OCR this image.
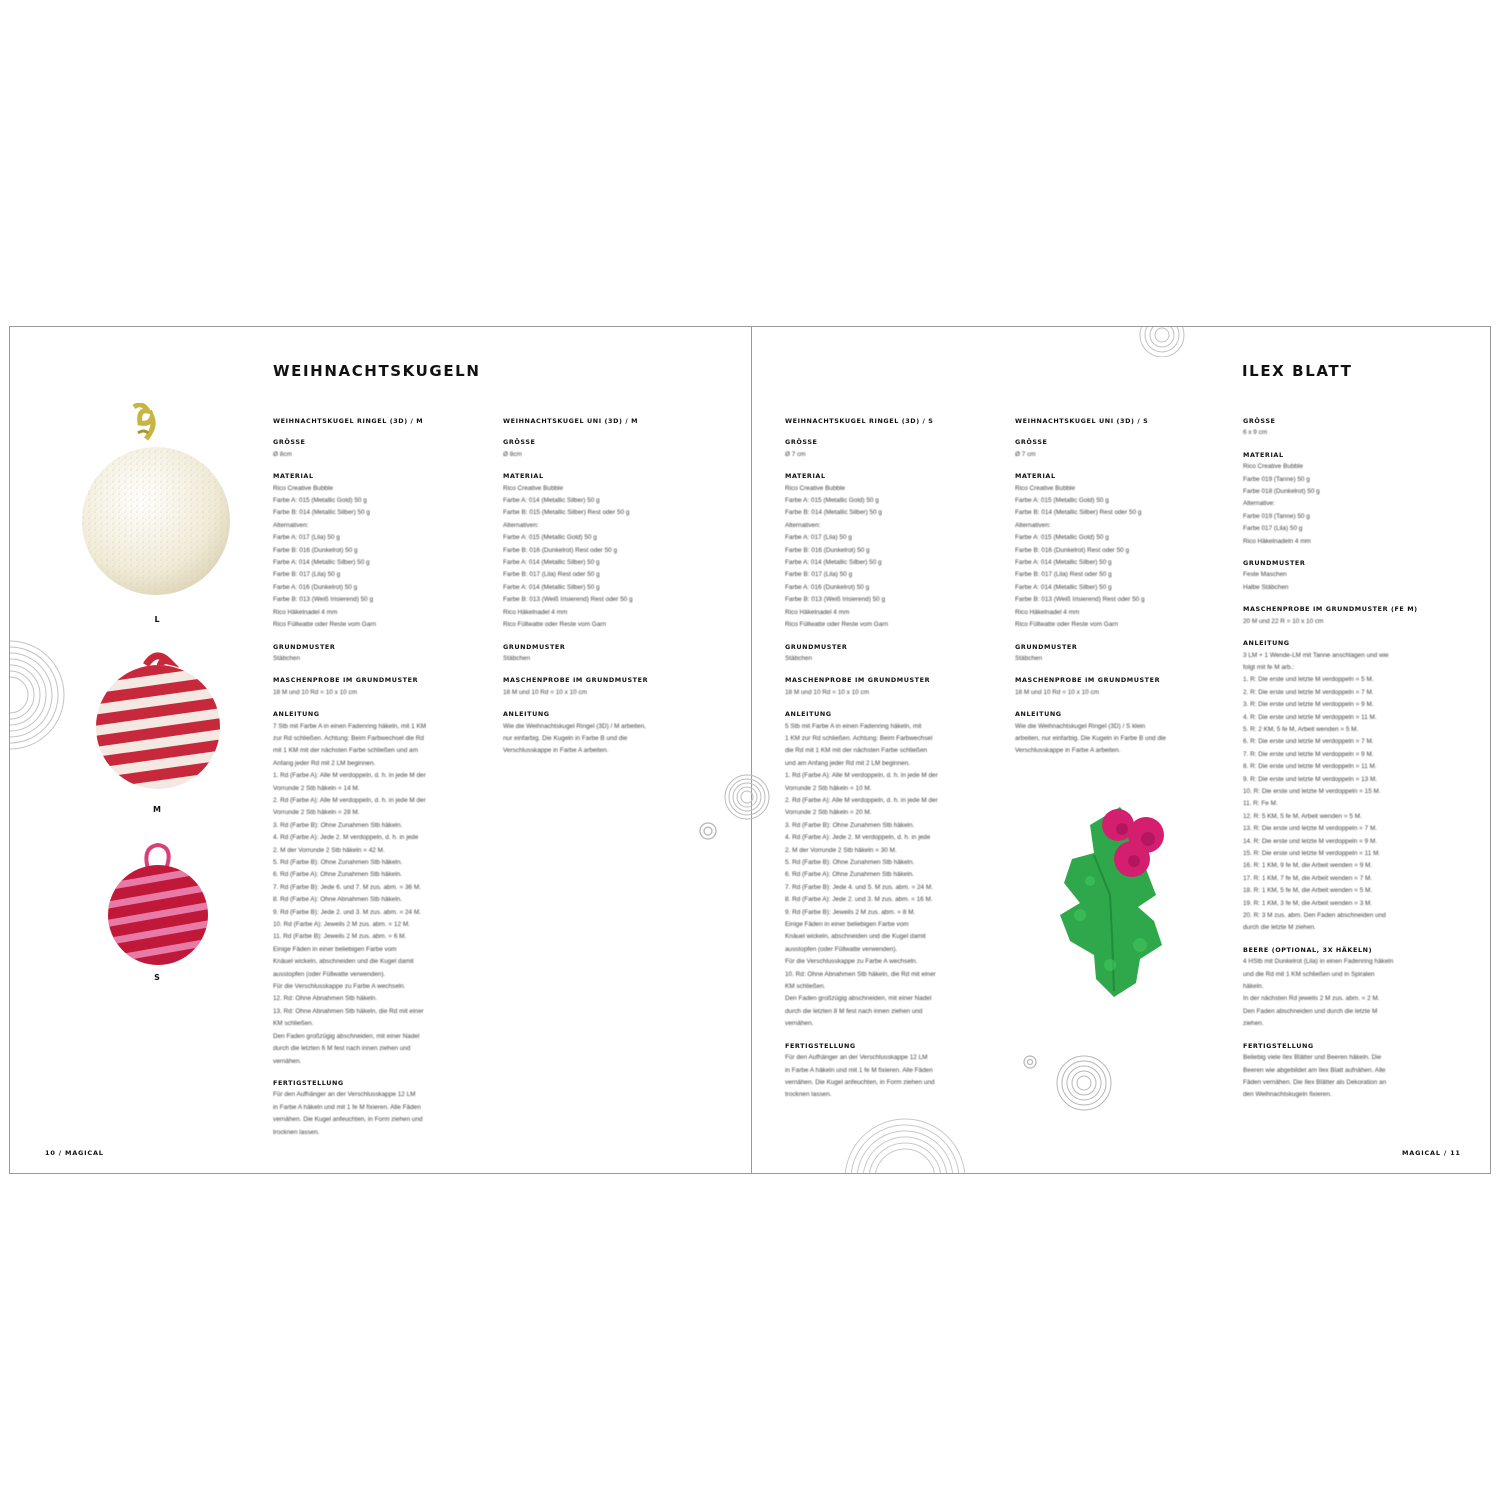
WEIHNACHTSKUGELN
L
M
S
WEIHNACHTSKUGEL RINGEL (3D) / M
GRÖSSE
Ø 8cm
MATERIAL
Rico Creative Bubble
Farbe A: 015 (Metallic Gold) 50 g
Farbe B: 014 (Metallic Silber) 50 g
Alternativen:
Farbe A: 017 (Lila) 50 g
Farbe B: 016 (Dunkelrot) 50 g
Farbe A: 014 (Metallic Silber) 50 g
Farbe B: 017 (Lila) 50 g
Farbe A: 016 (Dunkelrot) 50 g
Farbe B: 013 (Weiß Irisierend) 50 g
Rico Häkelnadel 4 mm
Rico Füllwatte oder Reste vom Garn
GRUNDMUSTER
Stäbchen
MASCHENPROBE IM GRUNDMUSTER
18 M und 10 Rd = 10 x 10 cm
ANLEITUNG
7 Stb mit Farbe A in einen Fadenring häkeln, mit 1 KM
zur Rd schließen. Achtung: Beim Farbwechsel die Rd
mit 1 KM mit der nächsten Farbe schließen und am
Anfang jeder Rd mit 2 LM beginnen.
1. Rd (Farbe A): Alle M verdoppeln, d. h. in jede M der
Vorrunde 2 Stb häkeln = 14 M.
2. Rd (Farbe A): Alle M verdoppeln, d. h. in jede M der
Vorrunde 2 Stb häkeln = 28 M.
3. Rd (Farbe B): Ohne Zunahmen Stb häkeln.
4. Rd (Farbe A): Jede 2. M verdoppeln, d. h. in jede
2. M der Vorrunde 2 Stb häkeln = 42 M.
5. Rd (Farbe B): Ohne Zunahmen Stb häkeln.
6. Rd (Farbe A): Ohne Zunahmen Stb häkeln.
7. Rd (Farbe B): Jede 6. und 7. M zus. abm. = 36 M.
8. Rd (Farbe A): Ohne Abnahmen Stb häkeln.
9. Rd (Farbe B): Jede 2. und 3. M zus. abm. = 24 M.
10. Rd (Farbe A): Jeweils 2 M zus. abm. = 12 M.
11. Rd (Farbe B): Jeweils 2 M zus. abm. = 6 M.
Einige Fäden in einer beliebigen Farbe vom
Knäuel wickeln, abschneiden und die Kugel damit
ausstopfen (oder Füllwatte verwenden).
Für die Verschlusskappe zu Farbe A wechseln.
12. Rd: Ohne Abnahmen Stb häkeln.
13. Rd: Ohne Abnahmen Stb häkeln, die Rd mit einer
KM schließen.
Den Faden großzügig abschneiden, mit einer Nadel
durch die letzten 6 M fest nach innen ziehen und
vernähen.
FERTIGSTELLUNG
Für den Aufhänger an der Verschlusskappe 12 LM
in Farbe A häkeln und mit 1 fe M fixieren. Alle Fäden
vernähen. Die Kugel anfeuchten, in Form ziehen und
trocknen lassen.
WEIHNACHTSKUGEL UNI (3D) / M
GRÖSSE
Ø 8cm
MATERIAL
Rico Creative Bubble
Farbe A: 014 (Metallic Silber) 50 g
Farbe B: 015 (Metallic Silber) Rest oder 50 g
Alternativen:
Farbe A: 015 (Metallic Gold) 50 g
Farbe B: 016 (Dunkelrot) Rest oder 50 g
Farbe A: 014 (Metallic Silber) 50 g
Farbe B: 017 (Lila) Rest oder 50 g
Farbe A: 014 (Metallic Silber) 50 g
Farbe B: 013 (Weiß Irisierend) Rest oder 50 g
Rico Häkelnadel 4 mm
Rico Füllwatte oder Reste vom Garn
GRUNDMUSTER
Stäbchen
MASCHENPROBE IM GRUNDMUSTER
18 M und 10 Rd = 10 x 10 cm
ANLEITUNG
Wie die Weihnachtskugel Ringel (3D) / M arbeiten,
nur einfarbig. Die Kugeln in Farbe B und die
Verschlusskappe in Farbe A arbeiten.
10 / MAGICAL
ILEX BLATT
WEIHNACHTSKUGEL RINGEL (3D) / S
GRÖSSE
Ø 7 cm
MATERIAL
Rico Creative Bubble
Farbe A: 015 (Metallic Gold) 50 g
Farbe B: 014 (Metallic Silber) 50 g
Alternativen:
Farbe A: 017 (Lila) 50 g
Farbe B: 016 (Dunkelrot) 50 g
Farbe A: 014 (Metallic Silber) 50 g
Farbe B: 017 (Lila) 50 g
Farbe A: 016 (Dunkelrot) 50 g
Farbe B: 013 (Weiß Irisierend) 50 g
Rico Häkelnadel 4 mm
Rico Füllwatte oder Reste vom Garn
GRUNDMUSTER
Stäbchen
MASCHENPROBE IM GRUNDMUSTER
18 M und 10 Rd = 10 x 10 cm
ANLEITUNG
5 Stb mit Farbe A in einen Fadenring häkeln, mit
1 KM zur Rd schließen. Achtung: Beim Farbwechsel
die Rd mit 1 KM mit der nächsten Farbe schließen
und am Anfang jeder Rd mit 2 LM beginnen.
1. Rd (Farbe A): Alle M verdoppeln, d. h. in jede M der
Vorrunde 2 Stb häkeln = 10 M.
2. Rd (Farbe A): Alle M verdoppeln, d. h. in jede M der
Vorrunde 2 Stb häkeln = 20 M.
3. Rd (Farbe B): Ohne Zunahmen Stb häkeln.
4. Rd (Farbe A): Jede 2. M verdoppeln, d. h. in jede
2. M der Vorrunde 2 Stb häkeln = 30 M.
5. Rd (Farbe B): Ohne Zunahmen Stb häkeln.
6. Rd (Farbe A): Ohne Zunahmen Stb häkeln.
7. Rd (Farbe B): Jede 4. und 5. M zus. abm. = 24 M.
8. Rd (Farbe A): Jede 2. und 3. M zus. abm. = 16 M.
9. Rd (Farbe B): Jeweils 2 M zus. abm. = 8 M.
Einige Fäden in einer beliebigen Farbe vom
Knäuel wickeln, abschneiden und die Kugel damit
ausstopfen (oder Füllwatte verwenden).
Für die Verschlusskappe zu Farbe A wechseln.
10. Rd: Ohne Abnahmen Stb häkeln, die Rd mit einer
KM schließen.
Den Faden großzügig abschneiden, mit einer Nadel
durch die letzten 8 M fest nach innen ziehen und
vernähen.
FERTIGSTELLUNG
Für den Aufhänger an der Verschlusskappe 12 LM
in Farbe A häkeln und mit 1 fe M fixieren. Alle Fäden
vernähen. Die Kugel anfeuchten, in Form ziehen und
trocknen lassen.
WEIHNACHTSKUGEL UNI (3D) / S
GRÖSSE
Ø 7 cm
MATERIAL
Rico Creative Bubble
Farbe A: 015 (Metallic Gold) 50 g
Farbe B: 014 (Metallic Silber) Rest oder 50 g
Alternativen:
Farbe A: 015 (Metallic Gold) 50 g
Farbe B: 016 (Dunkelrot) Rest oder 50 g
Farbe A: 014 (Metallic Silber) 50 g
Farbe B: 017 (Lila) Rest oder 50 g
Farbe A: 014 (Metallic Silber) 50 g
Farbe B: 013 (Weiß Irisierend) Rest oder 50 g
Rico Häkelnadel 4 mm
Rico Füllwatte oder Reste vom Garn
GRUNDMUSTER
Stäbchen
MASCHENPROBE IM GRUNDMUSTER
18 M und 10 Rd = 10 x 10 cm
ANLEITUNG
Wie die Weihnachtskugel Ringel (3D) / S klein
arbeiten, nur einfarbig. Die Kugeln in Farbe B und die
Verschlusskappe in Farbe A arbeiten.
GRÖSSE
6 x 9 cm
MATERIAL
Rico Creative Bubble
Farbe 019 (Tanne) 50 g
Farbe 018 (Dunkelrot) 50 g
Alternative:
Farbe 019 (Tanne) 50 g
Farbe 017 (Lila) 50 g
Rico Häkelnadeln 4 mm
GRUNDMUSTER
Feste Maschen
Halbe Stäbchen
MASCHENPROBE IM GRUNDMUSTER (FE M)
20 M und 22 R = 10 x 10 cm
ANLEITUNG
3 LM + 1 Wende-LM mit Tanne anschlagen und wie
folgt mit fe M arb.:
1. R: Die erste und letzte M verdoppeln = 5 M.
2. R: Die erste und letzte M verdoppeln = 7 M.
3. R: Die erste und letzte M verdoppeln = 9 M.
4. R: Die erste und letzte M verdoppeln = 11 M.
5. R: 2 KM, 5 fe M, Arbeit wenden = 5 M.
6. R: Die erste und letzte M verdoppeln = 7 M.
7. R: Die erste und letzte M verdoppeln = 9 M.
8. R: Die erste und letzte M verdoppeln = 11 M.
9. R: Die erste und letzte M verdoppeln = 13 M.
10. R: Die erste und letzte M verdoppeln = 15 M.
11. R: Fe M.
12. R: 5 KM, 5 fe M, Arbeit wenden = 5 M.
13. R: Die erste und letzte M verdoppeln = 7 M.
14. R: Die erste und letzte M verdoppeln = 9 M.
15. R: Die erste und letzte M verdoppeln = 11 M.
16. R: 1 KM, 9 fe M, die Arbeit wenden = 9 M.
17. R: 1 KM, 7 fe M, die Arbeit wenden = 7 M.
18. R: 1 KM, 5 fe M, die Arbeit wenden = 5 M.
19. R: 1 KM, 3 fe M, die Arbeit wenden = 3 M.
20. R: 3 M zus. abm. Den Faden abschneiden und
durch die letzte M ziehen.
BEERE (OPTIONAL, 3X HÄKELN)
4 HStb mit Dunkelrot (Lila) in einen Fadenring häkeln
und die Rd mit 1 KM schließen und in Spiralen
häkeln.
In der nächsten Rd jeweils 2 M zus. abm. = 2 M.
Den Faden abschneiden und durch die letzte M
ziehen.
FERTIGSTELLUNG
Beliebig viele Ilex Blätter und Beeren häkeln. Die
Beeren wie abgebildet am Ilex Blatt aufnähen. Alle
Fäden vernähen. Die Ilex Blätter als Dekoration an
den Weihnachtskugeln fixieren.
MAGICAL / 11
